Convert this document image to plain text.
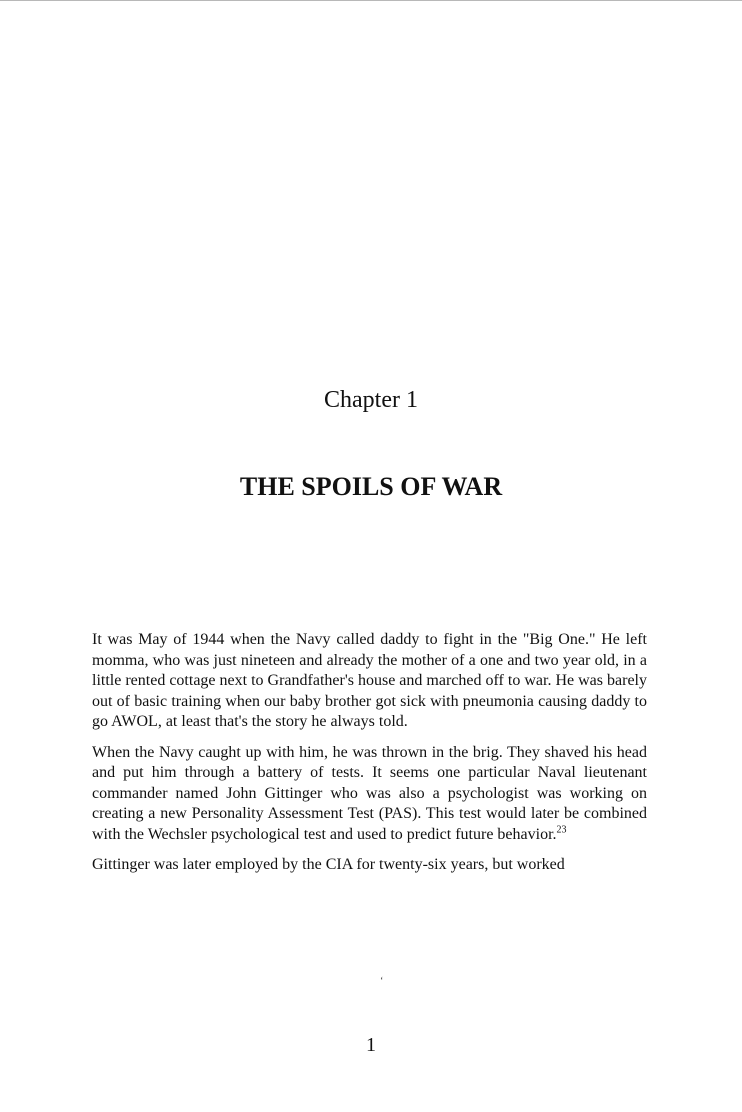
Chapter 1
THE SPOILS OF WAR

It was May of 1944 when the Navy called daddy to fight in the "Big One." He left momma, who was just nineteen and already the mother of a one and two year old, in a little rented cottage next to Grandfather's house and marched off to war. He was barely out of basic training when our baby brother got sick with pneumonia causing daddy to go AWOL, at least that's the story he always told.

When the Navy caught up with him, he was thrown in the brig. They shaved his head and put him through a battery of tests. It seems one particular Naval lieutenant commander named John Gittinger who was also a psychologist was working on creating a new Personality Assessment Test (PAS). This test would later be combined with the Wechsler psychological test and used to predict future behavior.$^{23}$

Gittinger was later employed by the CIA for twenty-six years, but worked

ʻ
1
